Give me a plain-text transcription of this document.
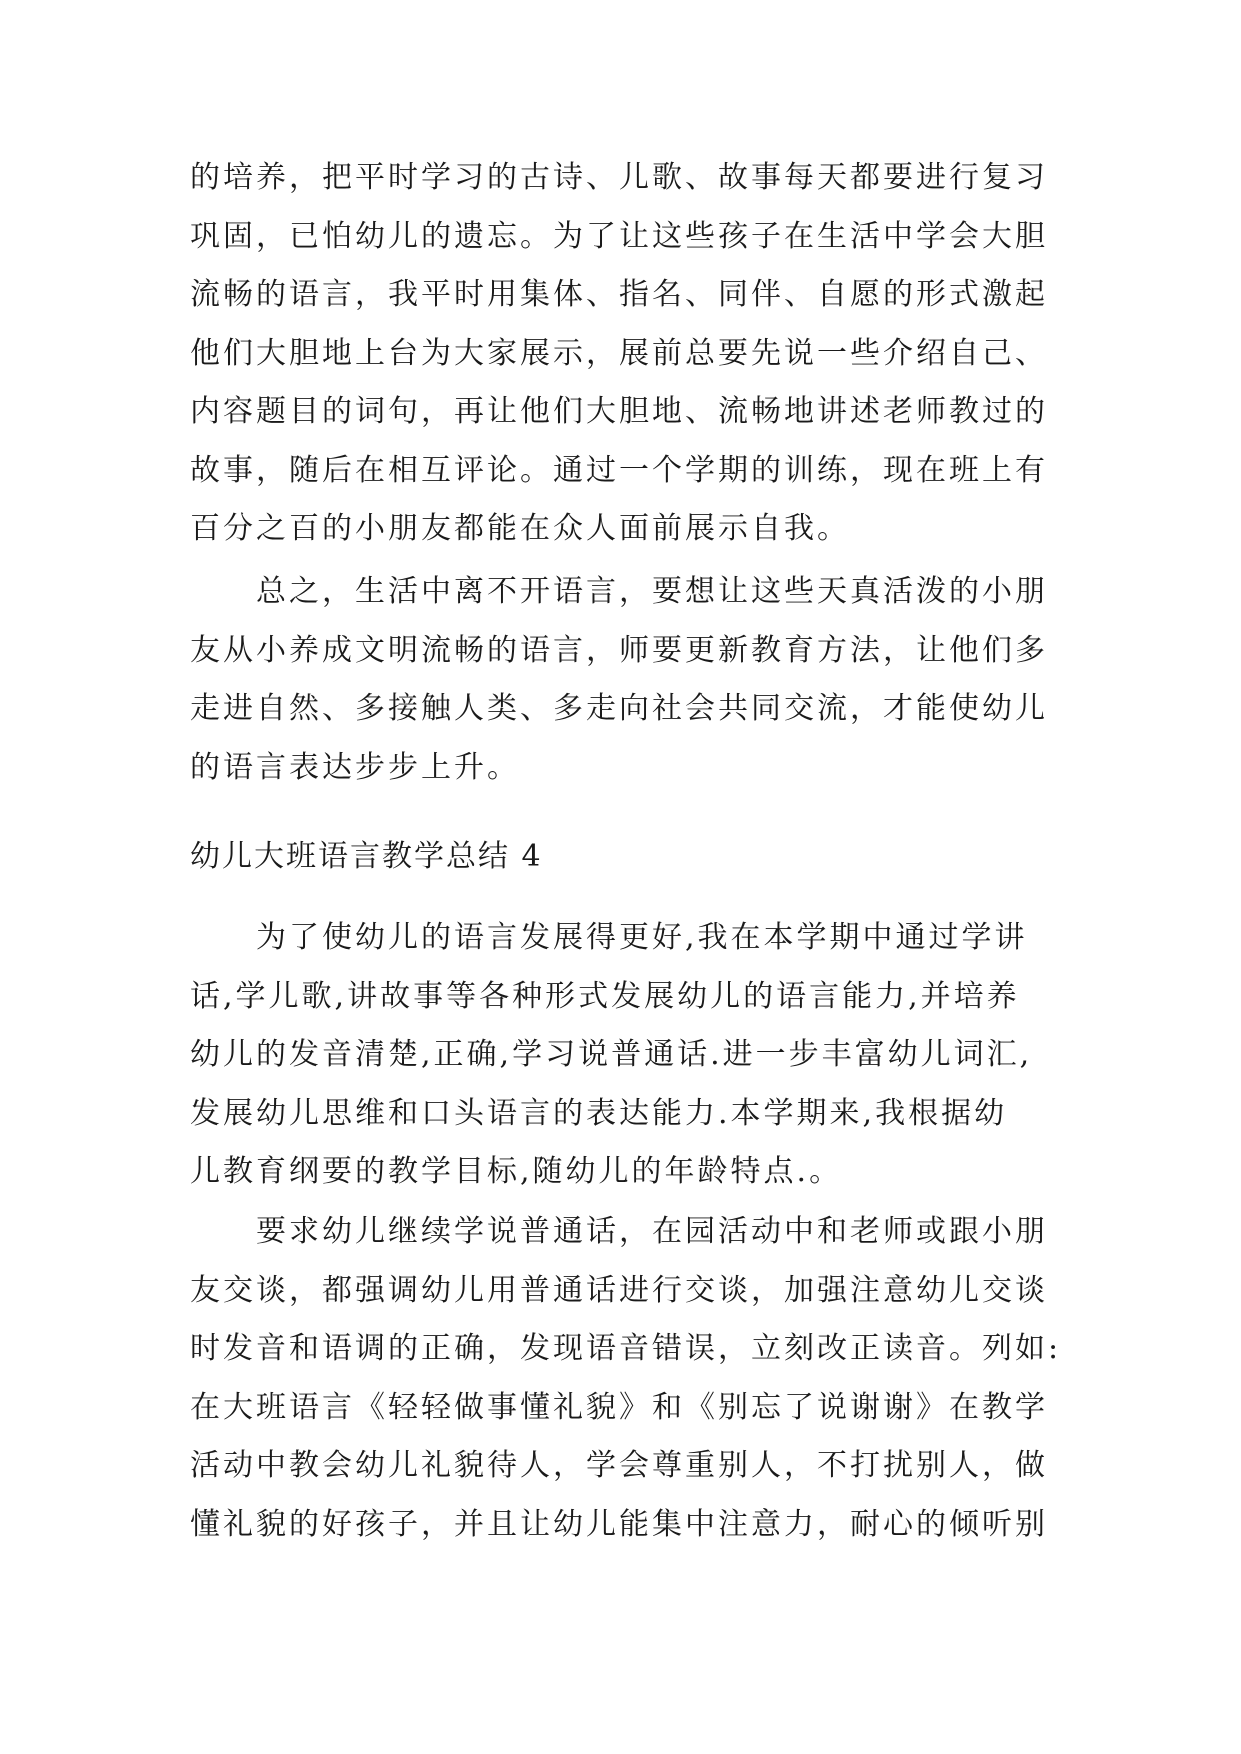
的培养，把平时学习的古诗、儿歌、故事每天都要进行复习
巩固，已怕幼儿的遗忘。为了让这些孩子在生活中学会大胆
流畅的语言，我平时用集体、指名、同伴、自愿的形式激起
他们大胆地上台为大家展示，展前总要先说一些介绍自己、
内容题目的词句，再让他们大胆地、流畅地讲述老师教过的
故事，随后在相互评论。通过一个学期的训练，现在班上有
百分之百的小朋友都能在众人面前展示自我。
总之，生活中离不开语言，要想让这些天真活泼的小朋
友从小养成文明流畅的语言，师要更新教育方法，让他们多
走进自然、多接触人类、多走向社会共同交流，才能使幼儿
的语言表达步步上升。
幼儿大班语言教学总结 4
为了使幼儿的语言发展得更好,我在本学期中通过学讲
话,学儿歌,讲故事等各种形式发展幼儿的语言能力,并培养
幼儿的发音清楚,正确,学习说普通话.进一步丰富幼儿词汇,
发展幼儿思维和口头语言的表达能力.本学期来,我根据幼
儿教育纲要的教学目标,随幼儿的年龄特点.。
要求幼儿继续学说普通话，在园活动中和老师或跟小朋
友交谈，都强调幼儿用普通话进行交谈，加强注意幼儿交谈
时发音和语调的正确，发现语音错误，立刻改正读音。列如:
在大班语言《轻轻做事懂礼貌》和《别忘了说谢谢》在教学
活动中教会幼儿礼貌待人，学会尊重别人，不打扰别人，做
懂礼貌的好孩子，并且让幼儿能集中注意力，耐心的倾听别
